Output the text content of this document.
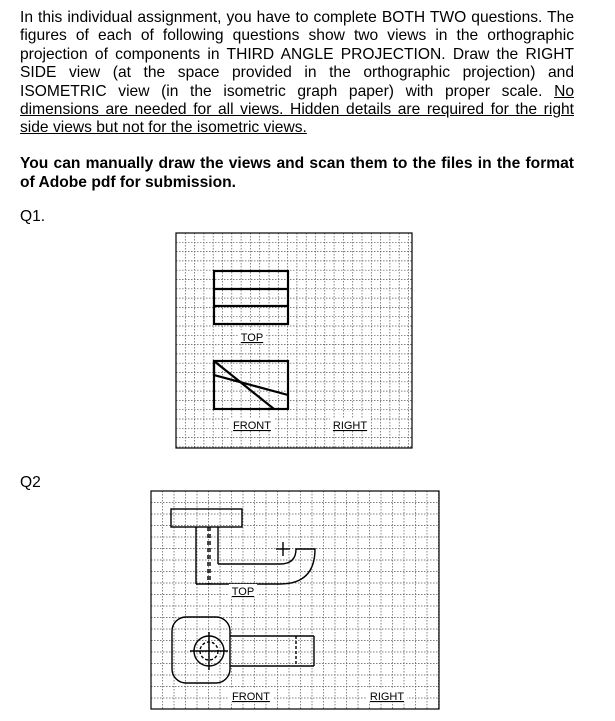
In this individual assignment, you have to complete BOTH TWO questions. The figures of each of following questions show two views in the orthographic projection of components in THIRD ANGLE PROJECTION. Draw the RIGHT SIDE view (at the space provided in the orthographic projection) and ISOMETRIC view (in the isometric graph paper) with proper scale. No dimensions are needed for all views. Hidden details are required for the right side views but not for the isometric views.
You can manually draw the views and scan them to the files in the format of Adobe pdf for submission.
Q1.
Q2
TOP
FRONT	RIGHT
TOP
FRONT	RIGHT
